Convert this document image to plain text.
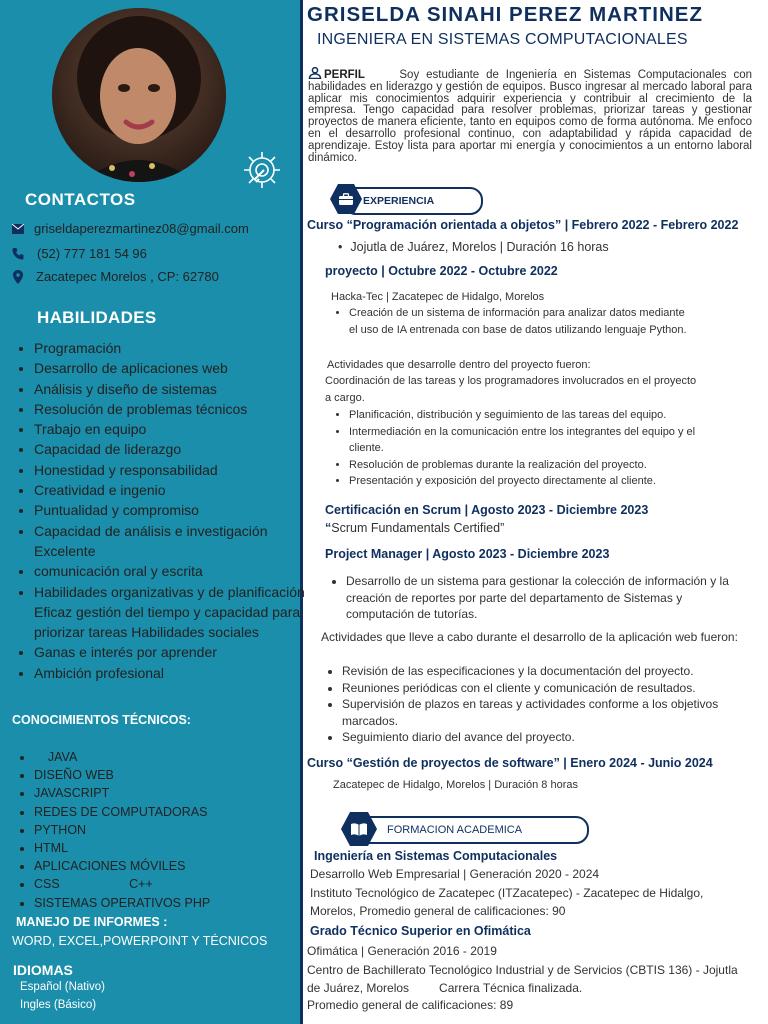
CONTACTOS
griseldaperezmartinez08@gmail.com
(52) 777 181 54 96
Zacatepec Morelos , CP: 62780
HABILIDADES
• Programación
• Desarrollo de aplicaciones web
• Análisis y diseño de sistemas
• Resolución de problemas técnicos
• Trabajo en equipo
• Capacidad de liderazgo
• Honestidad y responsabilidad
• Creatividad e ingenio
• Puntualidad y compromiso
• Capacidad de análisis e investigación Excelente
• comunicación oral y escrita
• Habilidades organizativas y de planificación Eficaz gestión del tiempo y capacidad para priorizar tareas Habilidades sociales
• Ganas e interés por aprender
• Ambición profesional
CONOCIMIENTOS TÉCNICOS:
•     JAVA
• DISEÑO WEB
• JAVASCRIPT
• REDES DE COMPUTADORAS
• PYTHON
• HTML
• APLICACIONES MÓVILES
• CSS                    C++
• SISTEMAS OPERATIVOS PHP
MANEJO DE INFORMES :
WORD, EXCEL,POWERPOINT Y TÉCNICOS
IDIOMAS
Español (Nativo)
Ingles (Básico)
GRISELDA SINAHI PEREZ MARTINEZ
INGENIERA EN SISTEMAS COMPUTACIONALES
PERFIL	Soy estudiante de Ingeniería en Sistemas Computacionales con habilidades en liderazgo y gestión de equipos. Busco ingresar al mercado laboral para aplicar mis conocimientos adquirir experiencia y contribuir al crecimiento de la empresa. Tengo capacidad para resolver problemas, priorizar tareas y gestionar proyectos de manera eficiente, tanto en equipos como de forma autónoma. Me enfoco en el desarrollo profesional continuo, con adaptabilidad y rápida capacidad de aprendizaje. Estoy lista para aportar mi energía y conocimientos a un entorno laboral dinámico.
EXPERIENCIA
Curso “Programación orientada a objetos” | Febrero 2022 - Febrero 2022
• Jojutla de Juárez, Morelos | Duración 16 horas
proyecto | Octubre 2022 - Octubre 2022
Hacka-Tec | Zacatepec de Hidalgo, Morelos
• Creación de un sistema de información para analizar datos mediante el uso de IA entrenada con base de datos utilizando lenguaje Python.
Actividades que desarrolle dentro del proyecto fueron:
Coordinación de las tareas y los programadores involucrados en el proyecto a cargo.
• Planificación, distribución y seguimiento de las tareas del equipo.
• Intermediación en la comunicación entre los integrantes del equipo y el cliente.
• Resolución de problemas durante la realización del proyecto.
• Presentación y exposición del proyecto directamente al cliente.
Certificación en Scrum | Agosto 2023 - Diciembre 2023
“Scrum Fundamentals Certified”
Project Manager | Agosto 2023 - Diciembre 2023
• Desarrollo de un sistema para gestionar la colección de información y la creación de reportes por parte del departamento de Sistemas y computación de tutorías.
Actividades que lleve a cabo durante el desarrollo de la aplicación web fueron:
• Revisión de las especificaciones y la documentación del proyecto.
• Reuniones periódicas con el cliente y comunicación de resultados.
• Supervisión de plazos en tareas y actividades conforme a los objetivos marcados.
• Seguimiento diario del avance del proyecto.
Curso “Gestión de proyectos de software” | Enero 2024 - Junio 2024
Zacatepec de Hidalgo, Morelos | Duración 8 horas
FORMACION ACADEMICA
Ingeniería en Sistemas Computacionales
Desarrollo Web Empresarial | Generación 2020 - 2024
Instituto Tecnológico de Zacatepec (ITZacatepec) - Zacatepec de Hidalgo, Morelos, Promedio general de calificaciones: 90
Grado Técnico Superior en Ofimática
Ofimática | Generación 2016 - 2019
Centro de Bachillerato Tecnológico Industrial y de Servicios (CBTIS 136) - Jojutla de Juárez, Morelos	Carrera Técnica finalizada.
Promedio general de calificaciones: 89
